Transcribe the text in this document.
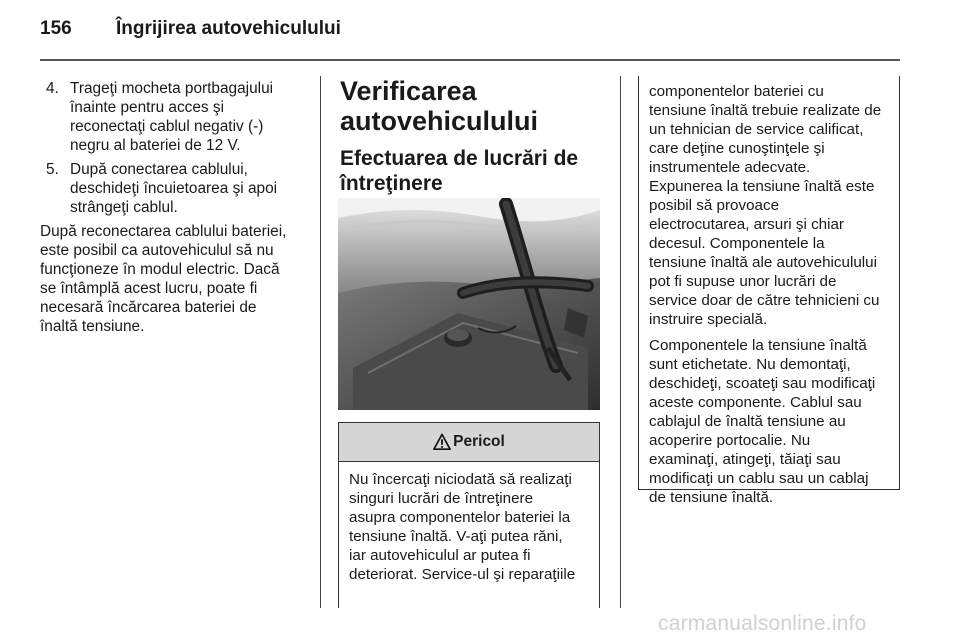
156 Îngrijirea autovehiculului
4. Trageţi mocheta portbagajului
înainte pentru acces şi
reconectaţi cablul negativ (-)
negru al bateriei de 12 V.
5. După conectarea cablului,
deschideţi încuietoarea şi apoi
strângeţi cablul.
După reconectarea cablului bateriei,
este posibil ca autovehiculul să nu
funcţioneze în modul electric. Dacă
se întâmplă acest lucru, poate fi
necesară încărcarea bateriei de
înaltă tensiune.
Verificarea
autovehiculului
Efectuarea de lucrări de
întreţinere
Pericol
Nu încercaţi niciodată să realizaţi
singuri lucrări de întreţinere
asupra componentelor bateriei la
tensiune înaltă. V-aţi putea răni,
iar autovehiculul ar putea fi
deteriorat. Service-ul şi reparaţiile

componentelor bateriei cu
tensiune înaltă trebuie realizate de
un tehnician de service calificat,
care deţine cunoştinţele şi
instrumentele adecvate.
Expunerea la tensiune înaltă este
posibil să provoace
electrocutarea, arsuri şi chiar
decesul. Componentele la
tensiune înaltă ale autovehiculului
pot fi supuse unor lucrări de
service doar de către tehnicieni cu
instruire specială.

Componentele la tensiune înaltă
sunt etichetate. Nu demontaţi,
deschideţi, scoateţi sau modificaţi
aceste componente. Cablul sau
cablajul de înaltă tensiune au
acoperire portocalie. Nu
examinaţi, atingeţi, tăiaţi sau
modificaţi un cablu sau un cablaj
de tensiune înaltă.

carmanualsonline.info
